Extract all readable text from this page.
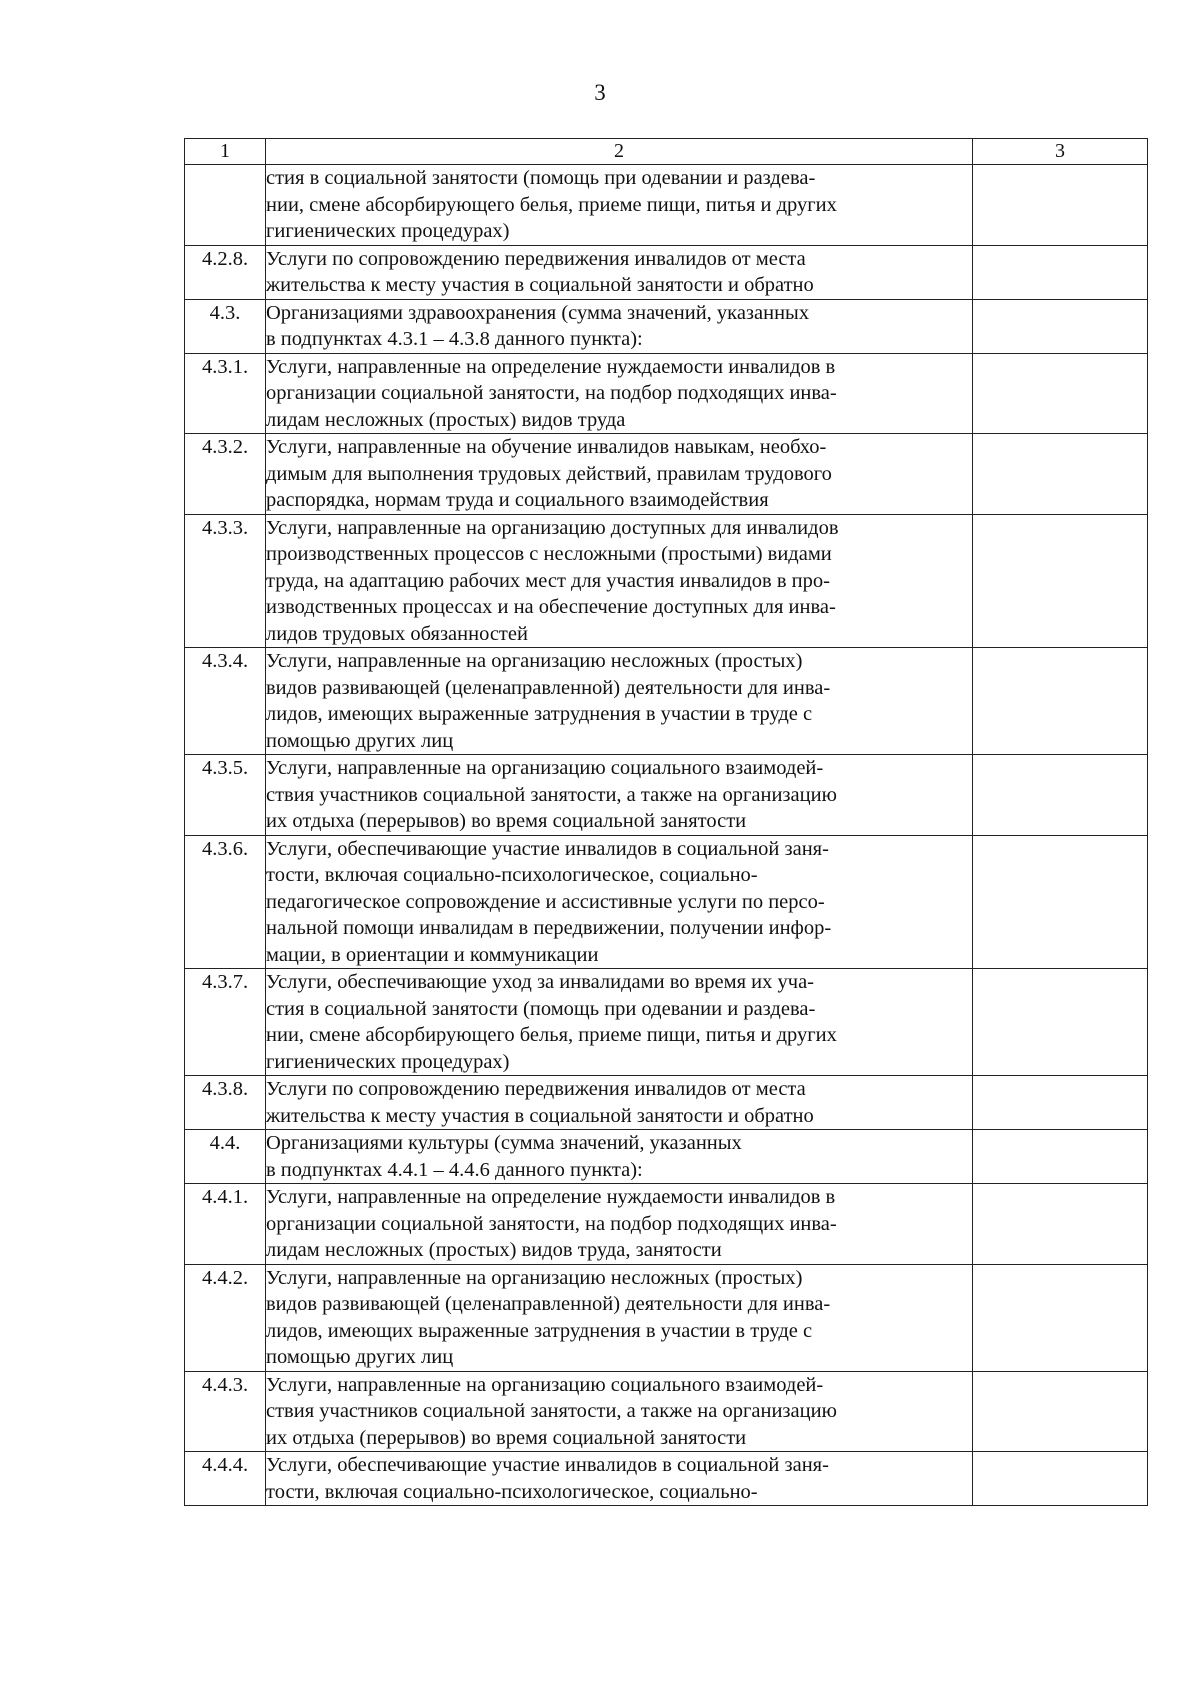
3
1	2	3

	стия в социальной занятости (помощь при одевании и раздева-
нии, смене абсорбирующего белья, приеме пищи, питья и других
гигиенических процедурах)	

4.2.8.	Услуги по сопровождению передвижения инвалидов от места
жительства к месту участия в социальной занятости и обратно	

4.3.	Организациями здравоохранения (сумма значений, указанных
в подпунктах 4.3.1 – 4.3.8 данного пункта):	

4.3.1.	Услуги, направленные на определение нуждаемости инвалидов в
организации социальной занятости, на подбор подходящих инва-
лидам несложных (простых) видов труда	

4.3.2.	Услуги, направленные на обучение инвалидов навыкам, необхо-
димым для выполнения трудовых действий, правилам трудового
распорядка, нормам труда и социального взаимодействия	

4.3.3.	Услуги, направленные на организацию доступных для инвалидов
производственных процессов с несложными (простыми) видами
труда, на адаптацию рабочих мест для участия инвалидов в про-
изводственных процессах и на обеспечение доступных для инва-
лидов трудовых обязанностей	

4.3.4.	Услуги, направленные на организацию несложных (простых)
видов развивающей (целенаправленной) деятельности для инва-
лидов, имеющих выраженные затруднения в участии в труде с
помощью других лиц	

4.3.5.	Услуги, направленные на организацию социального взаимодей-
ствия участников социальной занятости, а также на организацию
их отдыха (перерывов) во время социальной занятости	

4.3.6.	Услуги, обеспечивающие участие инвалидов в социальной заня-
тости, включая социально-психологическое, социально-
педагогическое сопровождение и ассистивные услуги по персо-
нальной помощи инвалидам в передвижении, получении инфор-
мации, в ориентации и коммуникации	

4.3.7.	Услуги, обеспечивающие уход за инвалидами во время их уча-
стия в социальной занятости (помощь при одевании и раздева-
нии, смене абсорбирующего белья, приеме пищи, питья и других
гигиенических процедурах)	

4.3.8.	Услуги по сопровождению передвижения инвалидов от места
жительства к месту участия в социальной занятости и обратно	

4.4.	Организациями культуры (сумма значений, указанных
в подпунктах 4.4.1 – 4.4.6 данного пункта):	

4.4.1.	Услуги, направленные на определение нуждаемости инвалидов в
организации социальной занятости, на подбор подходящих инва-
лидам несложных (простых) видов труда, занятости	

4.4.2.	Услуги, направленные на организацию несложных (простых)
видов развивающей (целенаправленной) деятельности для инва-
лидов, имеющих выраженные затруднения в участии в труде с
помощью других лиц	

4.4.3.	Услуги, направленные на организацию социального взаимодей-
ствия участников социальной занятости, а также на организацию
их отдыха (перерывов) во время социальной занятости	

4.4.4.	Услуги, обеспечивающие участие инвалидов в социальной заня-
тости, включая социально-психологическое, социально-	
